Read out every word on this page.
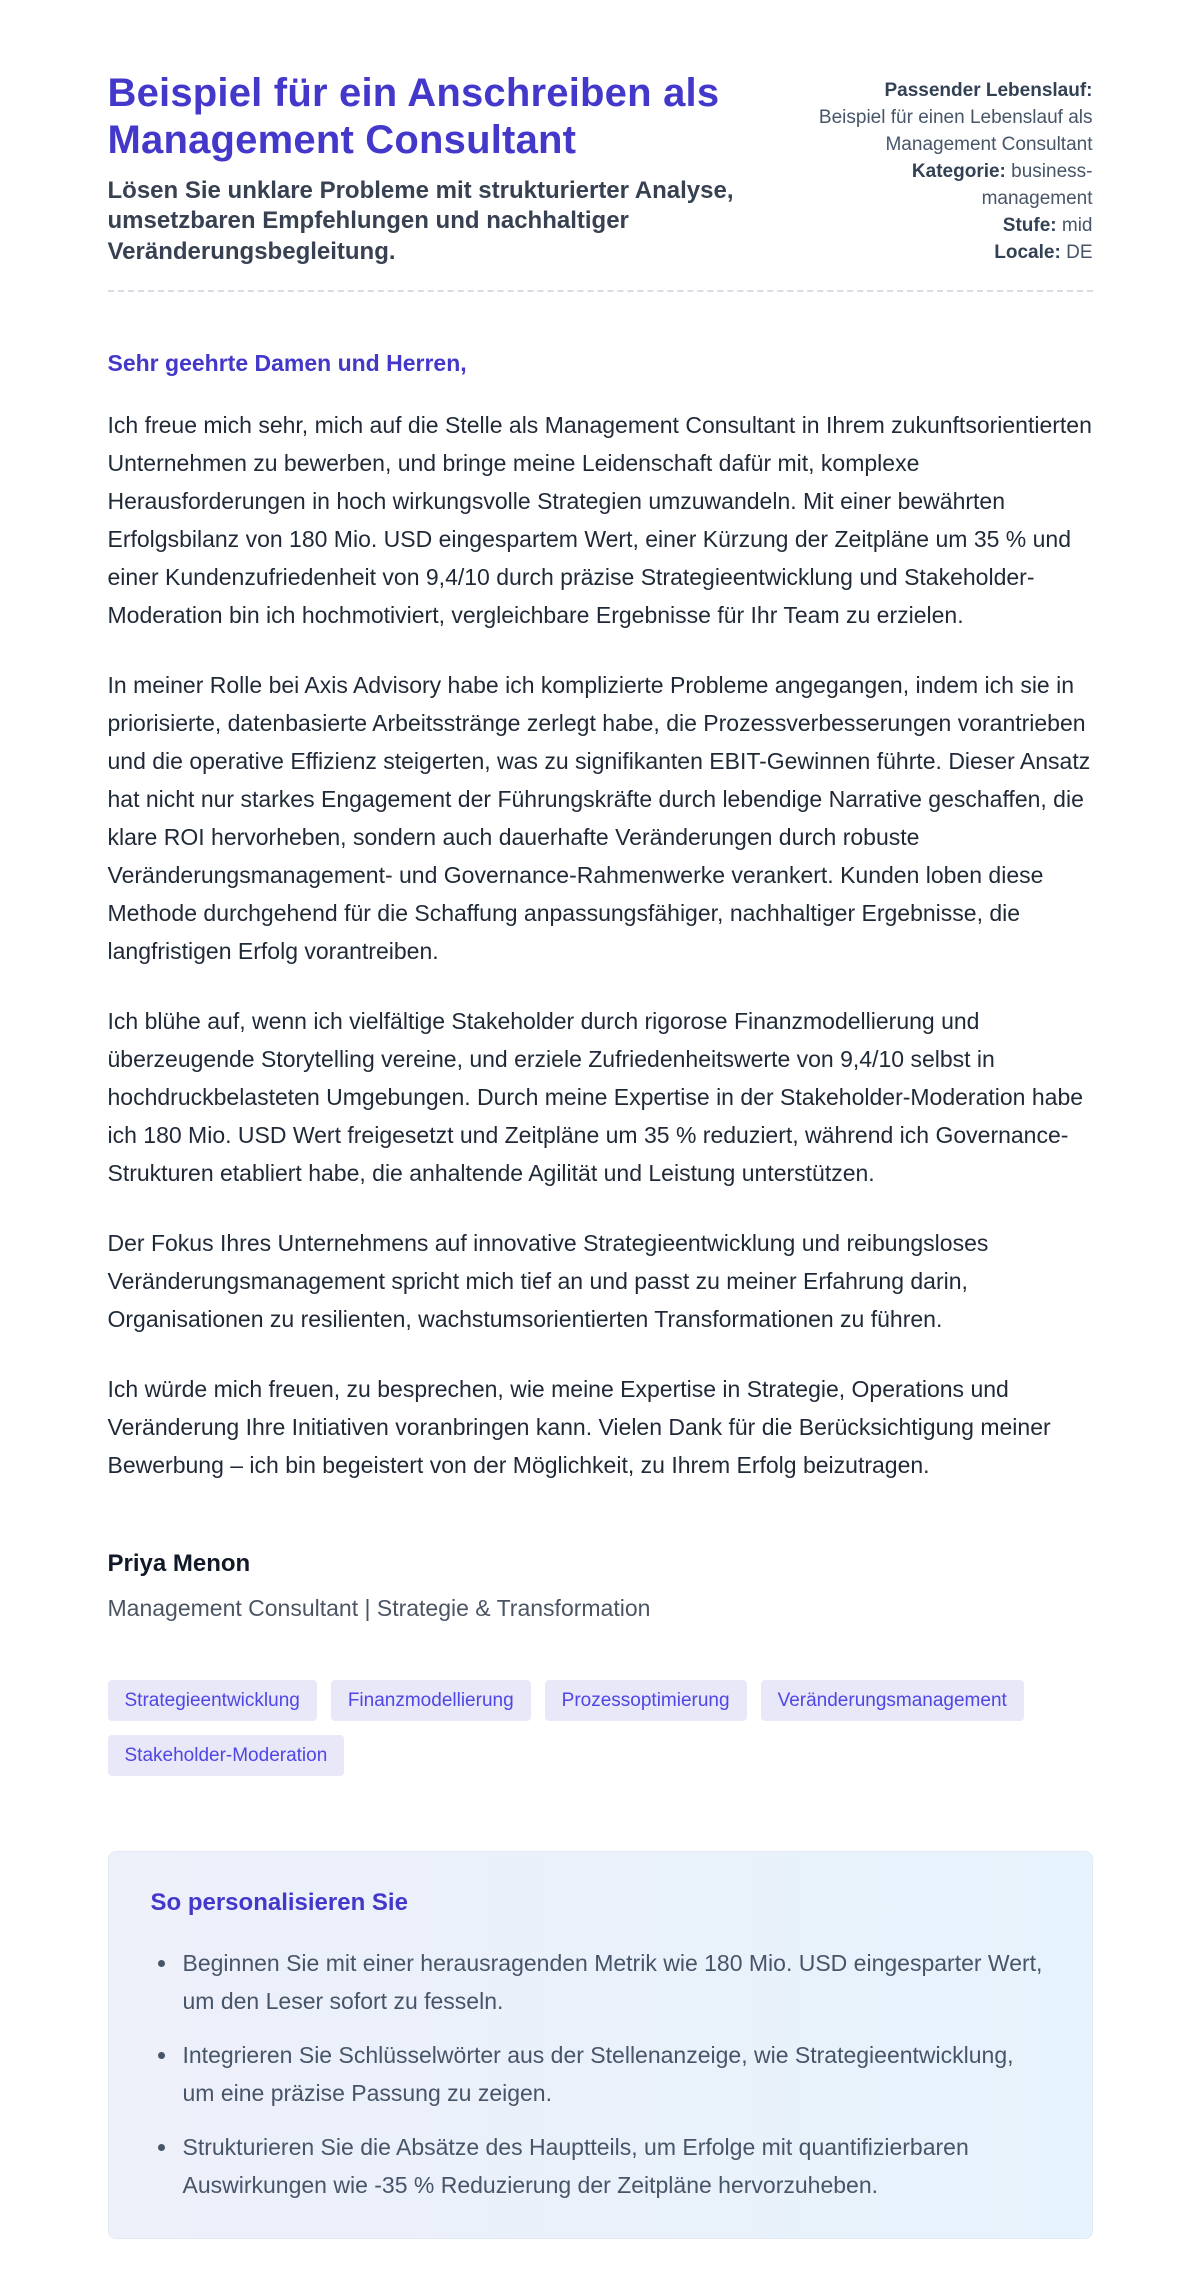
Beispiel für ein Anschreiben als Management Consultant

Lösen Sie unklare Probleme mit strukturierter Analyse, umsetzbaren Empfehlungen und nachhaltiger Veränderungsbegleitung.

Passender Lebenslauf:

Beispiel für einen Lebenslauf als Management Consultant

Kategorie: business-management

Stufe: mid

Locale: DE

Sehr geehrte Damen und Herren,

Ich freue mich sehr, mich auf die Stelle als Management Consultant in Ihrem zukunftsorientierten Unternehmen zu bewerben, und bringe meine Leidenschaft dafür mit, komplexe Herausforderungen in hoch wirkungsvolle Strategien umzuwandeln. Mit einer bewährten Erfolgsbilanz von 180 Mio. USD eingespartem Wert, einer Kürzung der Zeitpläne um 35 % und einer Kundenzufriedenheit von 9,4/10 durch präzise Strategieentwicklung und Stakeholder-Moderation bin ich hochmotiviert, vergleichbare Ergebnisse für Ihr Team zu erzielen.

In meiner Rolle bei Axis Advisory habe ich komplizierte Probleme angegangen, indem ich sie in priorisierte, datenbasierte Arbeitsstränge zerlegt habe, die Prozessverbesserungen vorantrieben und die operative Effizienz steigerten, was zu signifikanten EBIT-Gewinnen führte. Dieser Ansatz hat nicht nur starkes Engagement der Führungskräfte durch lebendige Narrative geschaffen, die klare ROI hervorheben, sondern auch dauerhafte Veränderungen durch robuste Veränderungsmanagement- und Governance-Rahmenwerke verankert. Kunden loben diese Methode durchgehend für die Schaffung anpassungsfähiger, nachhaltiger Ergebnisse, die langfristigen Erfolg vorantreiben.

Ich blühe auf, wenn ich vielfältige Stakeholder durch rigorose Finanzmodellierung und überzeugende Storytelling vereine, und erziele Zufriedenheitswerte von 9,4/10 selbst in hochdruckbelasteten Umgebungen. Durch meine Expertise in der Stakeholder-Moderation habe ich 180 Mio. USD Wert freigesetzt und Zeitpläne um 35 % reduziert, während ich Governance-Strukturen etabliert habe, die anhaltende Agilität und Leistung unterstützen.

Der Fokus Ihres Unternehmens auf innovative Strategieentwicklung und reibungsloses Veränderungsmanagement spricht mich tief an und passt zu meiner Erfahrung darin, Organisationen zu resilienten, wachstumsorientierten Transformationen zu führen.

Ich würde mich freuen, zu besprechen, wie meine Expertise in Strategie, Operations und Veränderung Ihre Initiativen voranbringen kann. Vielen Dank für die Berücksichtigung meiner Bewerbung – ich bin begeistert von der Möglichkeit, zu Ihrem Erfolg beizutragen.

Priya Menon

Management Consultant | Strategie & Transformation

Strategieentwicklung	Finanzmodellierung	Prozessoptimierung	Veränderungsmanagement
Stakeholder-Moderation
So personalisieren Sie
• Beginnen Sie mit einer herausragenden Metrik wie 180 Mio. USD eingesparter Wert, um den Leser sofort zu fesseln.
• Integrieren Sie Schlüsselwörter aus der Stellenanzeige, wie Strategieentwicklung, um eine präzise Passung zu zeigen.
• Strukturieren Sie die Absätze des Hauptteils, um Erfolge mit quantifizierbaren Auswirkungen wie -35 % Reduzierung der Zeitpläne hervorzuheben.
